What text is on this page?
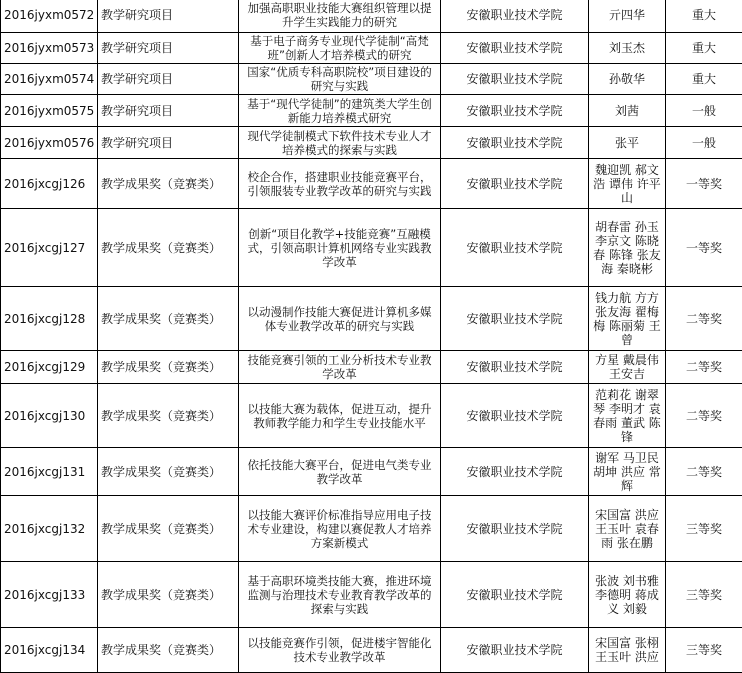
2016jyxm0572	教学研究项目	加强高职职业技能大赛组织管理以提升学生实践能力的研究	安徽职业技术学院	亓四华	重大
2016jyxm0573	教学研究项目	基于电子商务专业现代学徒制“高梵班”创新人才培养模式的研究	安徽职业技术学院	刘玉杰	重大
2016jyxm0574	教学研究项目	国家“优质专科高职院校”项目建设的研究与实践	安徽职业技术学院	孙敬华	重大
2016jyxm0575	教学研究项目	基于“现代学徒制”的建筑类大学生创新能力培养模式研究	安徽职业技术学院	刘茜	一般
2016jyxm0576	教学研究项目	现代学徒制模式下软件技术专业人才培养模式的探索与实践	安徽职业技术学院	张平	一般
2016jxcgj126	教学成果奖（竞赛类）	校企合作，搭建职业技能竞赛平台，引领服装专业教学改革的研究与实践	安徽职业技术学院	魏迎凯 郝文浩 谭伟 许平山	一等奖
2016jxcgj127	教学成果奖（竞赛类）	创新“项目化教学+技能竞赛”互融模式，引领高职计算机网络专业实践教学改革	安徽职业技术学院	胡春雷 孙玉 李京文 陈晓春 陈锋 张友海 秦晓彬	一等奖
2016jxcgj128	教学成果奖（竞赛类）	以动漫制作技能大赛促进计算机多媒体专业教学改革的研究与实践	安徽职业技术学院	钱力航 方方 张友海 翟梅梅 陈丽菊 王曾	二等奖
2016jxcgj129	教学成果奖（竞赛类）	技能竞赛引领的工业分析技术专业教学改革	安徽职业技术学院	方星 戴晨伟 王安吉	二等奖
2016jxcgj130	教学成果奖（竞赛类）	以技能大赛为载体，促进互动，提升教师教学能力和学生专业技能水平	安徽职业技术学院	范莉花 谢翠琴 李明才 袁春雨 董武 陈锋	二等奖
2016jxcgj131	教学成果奖（竞赛类）	依托技能大赛平台，促进电气类专业教学改革	安徽职业技术学院	谢军 马卫民 胡坤 洪应 常辉	二等奖
2016jxcgj132	教学成果奖（竞赛类）	以技能大赛评价标准指导应用电子技术专业建设，构建以赛促教人才培养方案新模式	安徽职业技术学院	宋国富 洪应 王玉叶 袁春雨 张在鹏	三等奖
2016jxcgj133	教学成果奖（竞赛类）	基于高职环境类技能大赛，推进环境监测与治理技术专业教育教学改革的探索与实践	安徽职业技术学院	张波 刘书雅 李德明 蒋成义 刘毅	三等奖
2016jxcgj134	教学成果奖（竞赛类）	以技能竞赛作引领，促进楼宇智能化技术专业教学改革	安徽职业技术学院	宋国富 张栩 王玉叶 洪应	三等奖
